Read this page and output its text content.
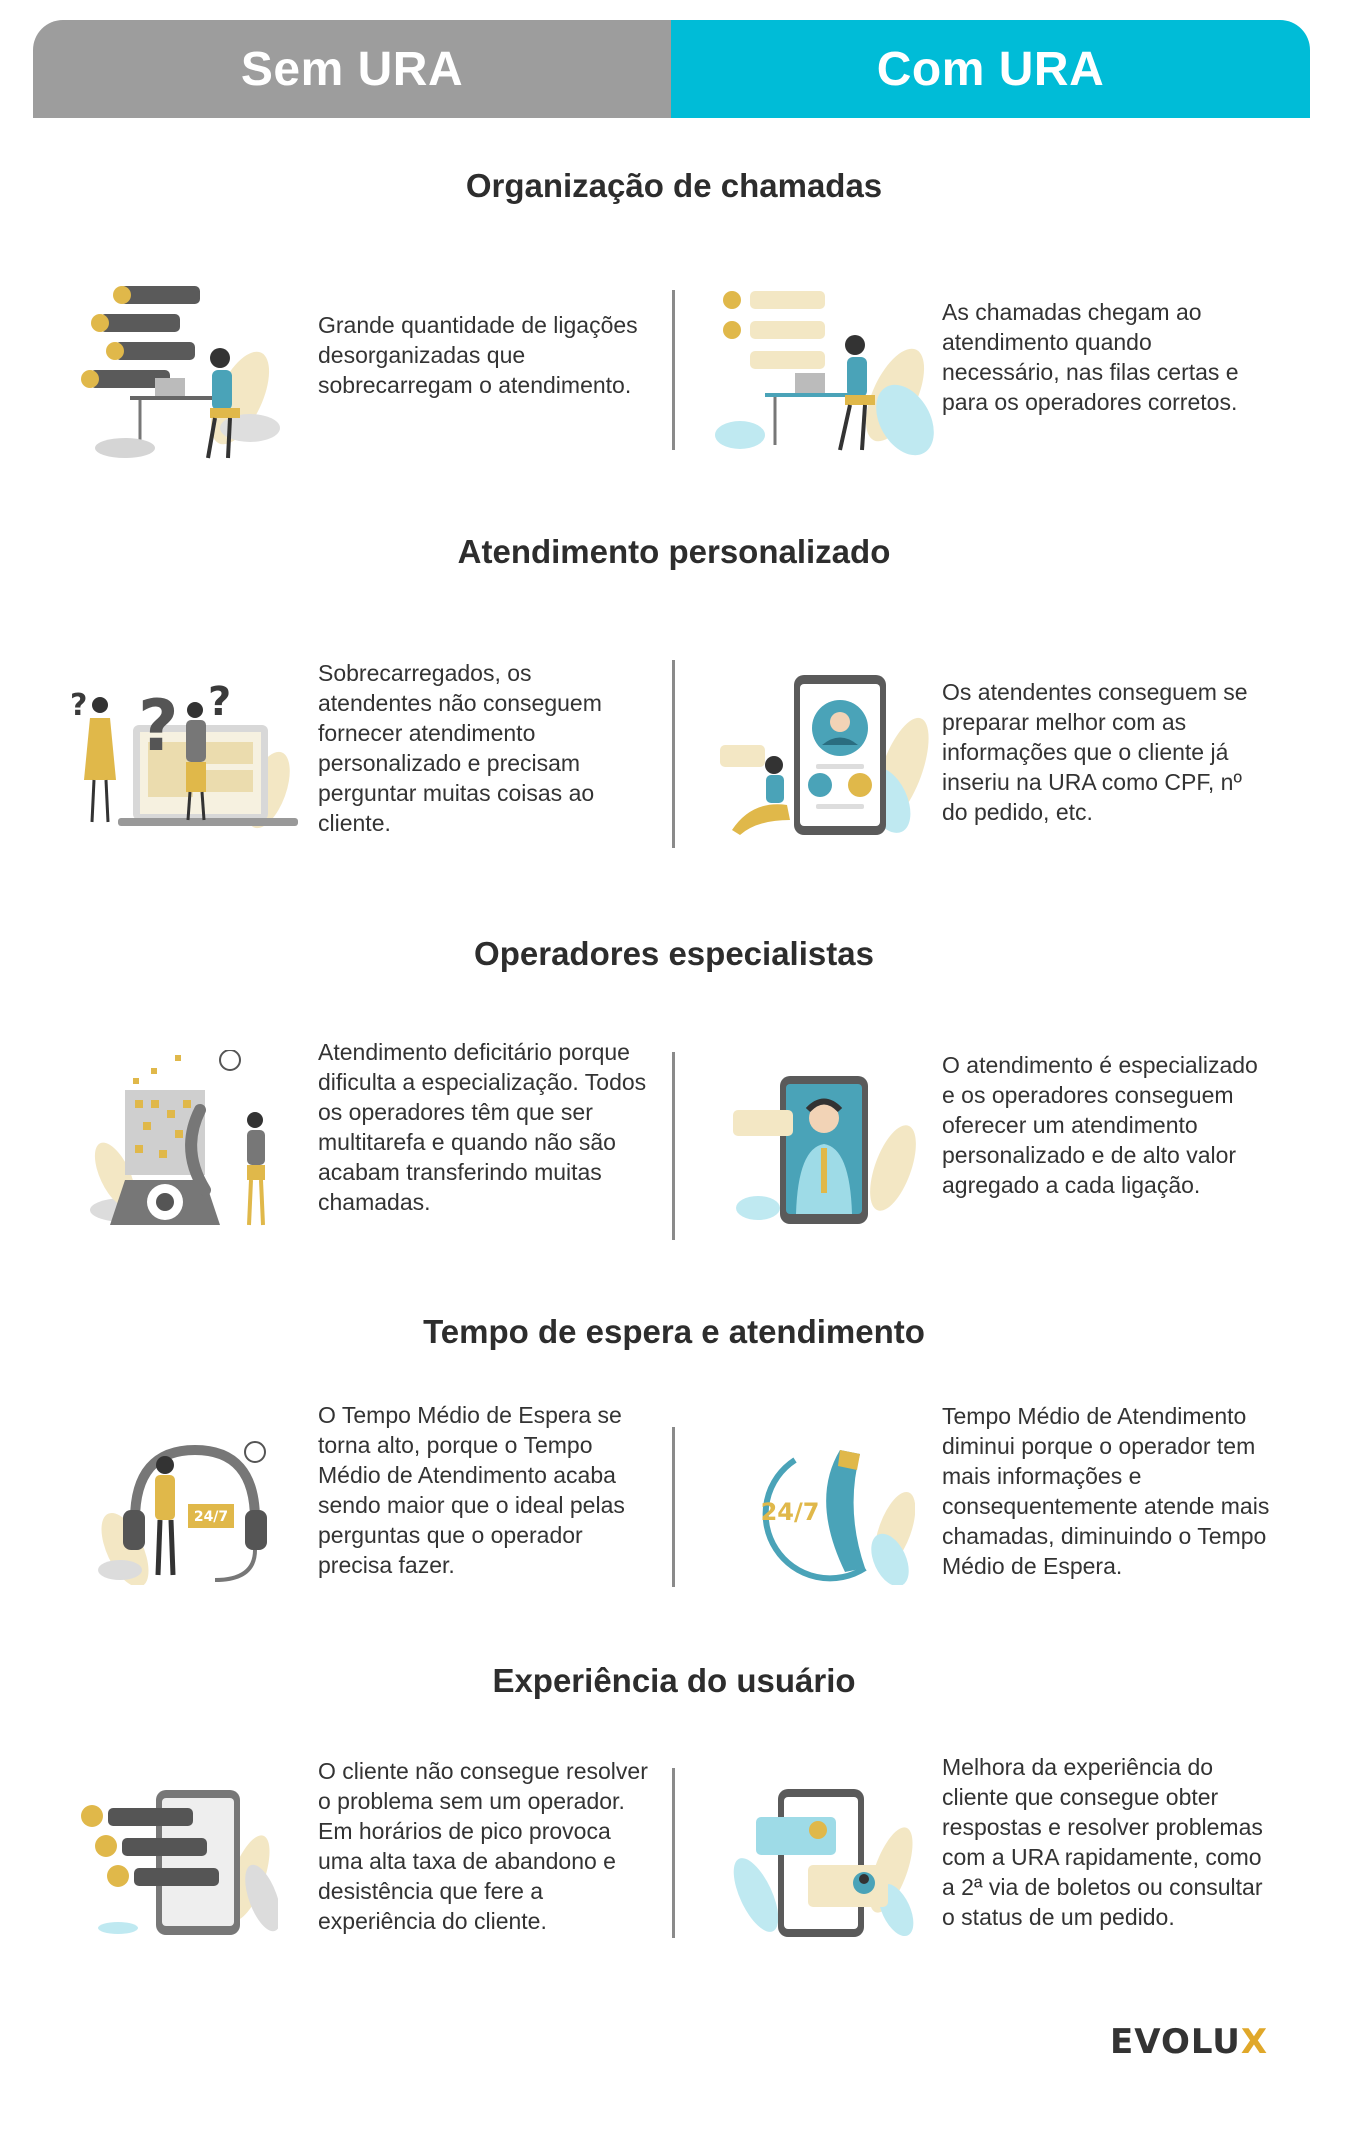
Sem URA	Com URA
Organização de chamadas
Grande quantidade de ligações desorganizadas que sobrecarregam o atendimento.
As chamadas chegam ao atendimento quando necessário, nas filas certas e para os operadores corretos.
Atendimento personalizado
? ? ?
Sobrecarregados, os atendentes não conseguem fornecer atendimento personalizado e precisam perguntar muitas coisas ao cliente.
Os atendentes conseguem se preparar melhor com as informações que o cliente já inseriu na URA como CPF, nº do pedido, etc.
Operadores especialistas
Atendimento deficitário porque dificulta a especialização. Todos os operadores têm que ser multitarefa e quando não são acabam transferindo muitas chamadas.
O atendimento é especializado e os operadores conseguem oferecer um atendimento personalizado e de alto valor agregado a cada ligação.
Tempo de espera e atendimento
24/7
O Tempo Médio de Espera se torna alto, porque o Tempo Médio de Atendimento acaba sendo maior que o ideal pelas perguntas que o operador precisa fazer.
24/7
Tempo Médio de Atendimento diminui porque o operador tem mais informações e consequentemente atende mais chamadas, diminuindo o Tempo Médio de Espera.
Experiência do usuário
O cliente não consegue resolver o problema sem um operador. Em horários de pico provoca uma alta taxa de abandono e desistência que fere a experiência do cliente.
Melhora da experiência do cliente que consegue obter respostas e resolver problemas com a URA rapidamente, como a 2ª via de boletos ou consultar o status de um pedido.
EVOLUX
